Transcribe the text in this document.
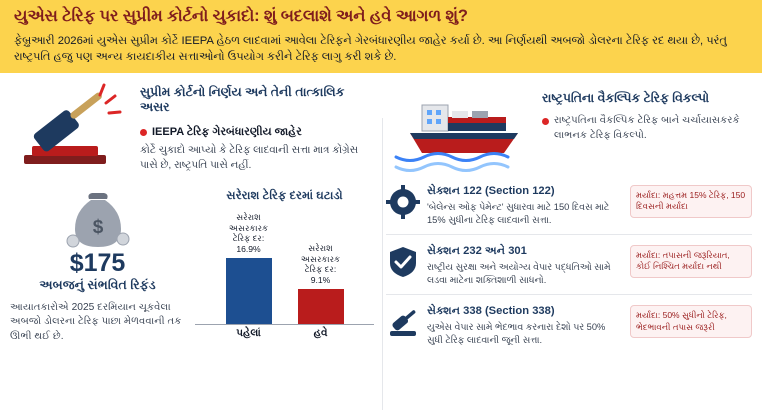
યુએસ ટેરિફ પર સુપ્રીમ કોર્ટનો ચુકાદો: શું બદલાશે અને હવે આગળ શું?
ફેબ્રુઆરી 2026માં યુએસ સુપ્રીમ કોર્ટે IEEPA હેઠળ લાદવામાં આવેલા ટેરિફને ગેરબંધારણીય જાહેર કર્યા છે. આ નિર્ણયથી અબજો ડોલરના ટેરિફ રદ થયા છે, પરંતુ રાષ્ટ્રપતિ હજુ પણ અન્ય કાયદાકીય સત્તાઓનો ઉપયોગ કરીને ટેરિફ લાગુ કરી શકે છે.
સુપ્રીમ કોર્ટનો નિર્ણય અને તેની તાત્કાલિક અસર
IEEPA ટેરિફ ગેરબંધારણીય જાહેર
કોર્ટે ચુકાદો આપ્યો કે ટેરિફ લાદવાની સત્તા માત્ર કોંગ્રેસ પાસે છે, રાષ્ટ્રપતિ પાસે નહીં.
$
$175
અબજનું સંભવિત રિફંડ
આયાતકારોએ 2025 દરમિયાન ચૂકવેલા અબજો ડોલરના ટેરિફ પાછા મેળવવાની તક ઊભી થઈ છે.
સરેરાશ ટેરિફ દરમાં ઘટાડો
સરેરાશ અસરકારક ટેરિફ દર: 16.9%	સરેરાશ અસરકારક ટેરિફ દર: 9.1%
પહેલાં	હવે
રાષ્ટ્રપતિના વૈકલ્પિક ટેરિફ વિકલ્પો
રાષ્ટ્રપતિના વૈકલ્પિક ટેરિફ બાને ચર્ચાયાસકરકે લાભનક ટેરિફ વિકલ્પો.
સેક્શન 122 (Section 122)
'બેલેન્સ ઓફ પેમેન્ટ' સુધારવા માટે 150 દિવસ માટે 15% સુધીના ટેરિફ લાદવાની સત્તા.
મર્યાદા: મહત્તમ 15% ટેરિફ, 150 દિવસની મર્યાદા
સેક્શન 232 અને 301
રાષ્ટ્રીય સુરક્ષા અને અયોગ્ય વેપાર પદ્ધતિઓ સામે લડવા માટેના શક્તિશાળી સાધનો.
મર્યાદા: તપાસની જરૂરિયાત, કોઈ નિશ્ચિત મર્યાદા નથી
સેક્શન 338 (Section 338)
યુએસ વેપાર સામે ભેદભાવ કરનારા દેશો પર 50% સુધી ટેરિફ લાદવાની જૂની સત્તા.
મર્યાદા: 50% સુધીનો ટેરિફ, ભેદભાવની તપાસ જરૂરી
